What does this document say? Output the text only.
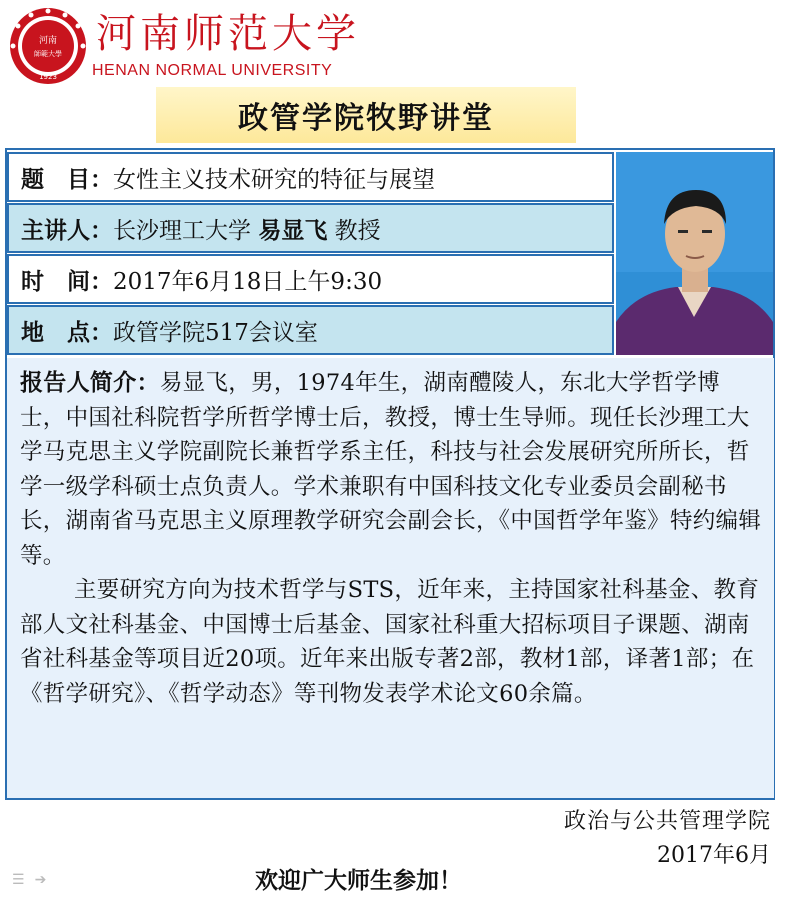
河南
師範大學
1923
河南师范大学
HENAN NORMAL UNIVERSITY
政管学院牧野讲堂
题　目： 女性主义技术研究的特征与展望
主讲人： 长沙理工大学 易显飞 教授
时　间： 2017年6月18日上午9:30
地　点： 政管学院517会议室

报告人简介：易显飞，男，1974年生，湖南醴陵人，东北大学哲学博士，中国社科院哲学所哲学博士后，教授，博士生导师。现任长沙理工大学马克思主义学院副院长兼哲学系主任，科技与社会发展研究所所长，哲学一级学科硕士点负责人。学术兼职有中国科技文化专业委员会副秘书长，湖南省马克思主义原理教学研究会副会长，《中国哲学年鉴》特约编辑等。

主要研究方向为技术哲学与STS，近年来，主持国家社科基金、教育部人文社科基金、中国博士后基金、国家社科重大招标项目子课题、湖南省社科基金等项目近20项。近年来出版专著2部，教材1部，译著1部；在《哲学研究》、《哲学动态》等刊物发表学术论文60余篇。

政治与公共管理学院
2017年6月
欢迎广大师生参加！
☰ ➔
